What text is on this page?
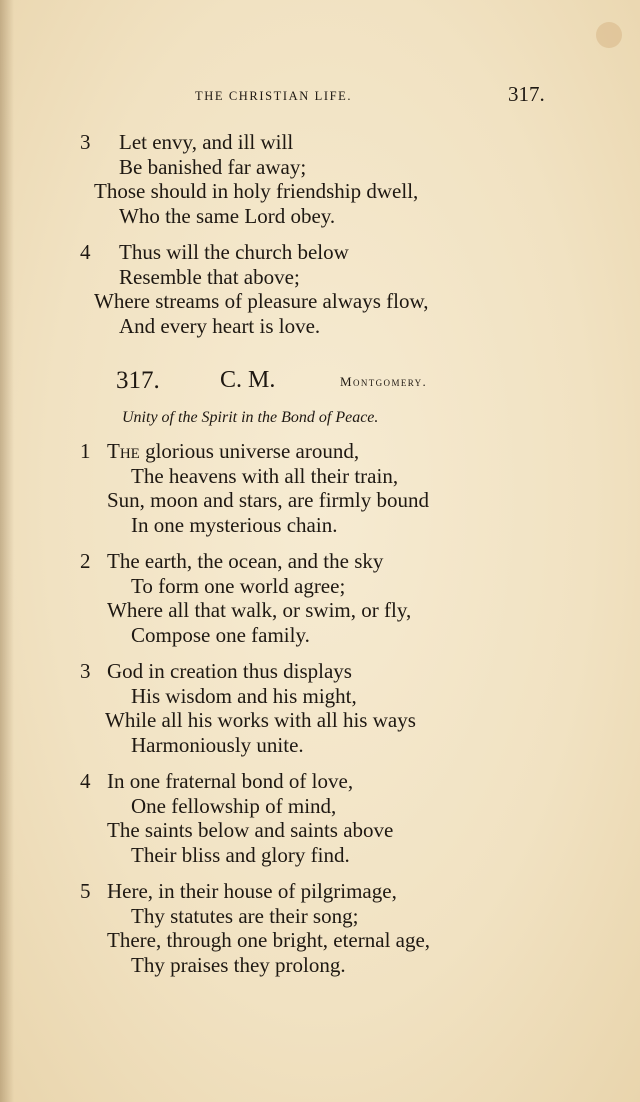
THE CHRISTIAN LIFE.	317.
3 Let envy, and ill will
Be banished far away;
Those should in holy friendship dwell,
Who the same Lord obey.
4 Thus will the church below
Resemble that above;
Where streams of pleasure always flow,
And every heart is love.
317.	C. M.	Montgomery.
Unity of the Spirit in the Bond of Peace.
1 The glorious universe around,
The heavens with all their train,
Sun, moon and stars, are firmly bound
In one mysterious chain.
2 The earth, the ocean, and the sky
To form one world agree;
Where all that walk, or swim, or fly,
Compose one family.
3 God in creation thus displays
His wisdom and his might,
While all his works with all his ways
Harmoniously unite.
4 In one fraternal bond of love,
One fellowship of mind,
The saints below and saints above
Their bliss and glory find.
5 Here, in their house of pilgrimage,
Thy statutes are their song;
There, through one bright, eternal age,
Thy praises they prolong.
